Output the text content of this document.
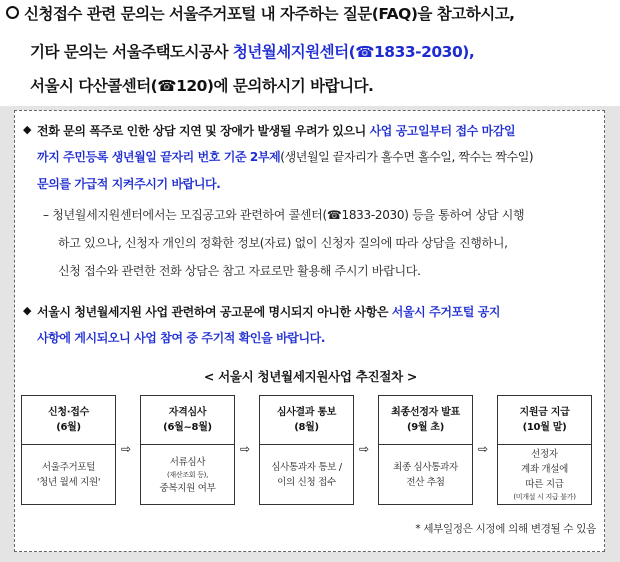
신청접수 관련 문의는 서울주거포털 내 자주하는 질문(FAQ)을 참고하시고,
기타 문의는 서울주택도시공사 청년월세지원센터(☎1833-2030),
서울시 다산콜센터(☎120)에 문의하시기 바랍니다.
◆ 전화 문의 폭주로 인한 상담 지연 및 장애가 발생될 우려가 있으니 사업 공고일부터 접수 마감일
까지 주민등록 생년월일 끝자리 번호 기준 2부제(생년월일 끝자리가 홀수면 홀수일, 짝수는 짝수일)
문의를 가급적 지켜주시기 바랍니다.
– 청년월세지원센터에서는 모집공고와 관련하여 콜센터(☎1833-2030) 등을 통하여 상담 시행
하고 있으나, 신청자 개인의 정확한 정보(자료) 없이 신청자 질의에 따라 상담을 진행하니,
신청 접수와 관련한 전화 상담은 참고 자료로만 활용해 주시기 바랍니다.
◆ 서울시 청년월세지원 사업 관련하여 공고문에 명시되지 아니한 사항은 서울시 주거포털 공지
사항에 게시되오니 사업 참여 중 주기적 확인을 바랍니다.
< 서울시 청년월세지원사업 추진절차 >
신청·접수
(6월)
서울주거포털
'청년 월세 지원'
⇨
자격심사
(6월~8월)
서류심사
(재산조회 등),
중복지원 여부
⇨
심사결과 통보
(8월)
심사통과자 통보 /
이의 신청 접수
⇨
최종선정자 발표
(9월 초)
최종 심사통과자
전산 추첨
⇨
지원금 지급
(10월 말)
선정자
계좌 개설에
따른 지급
(미개설 시 지급 불가)
* 세부일정은 시정에 의해 변경될 수 있음
